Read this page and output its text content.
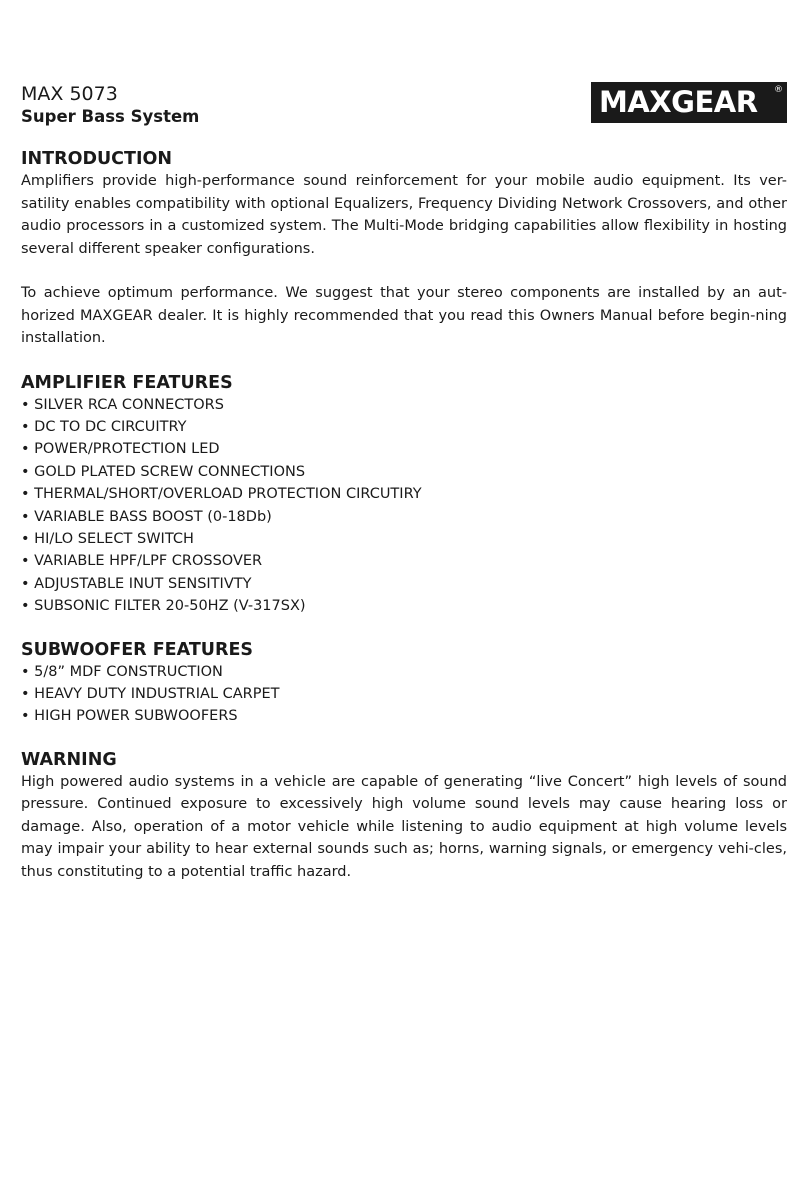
MAXGEAR ®
MAX 5073
Super Bass System
INTRODUCTION

Amplifiers provide high-performance sound reinforcement for your mobile audio equipment. Its ver-satility enables compatibility with optional Equalizers, Frequency Dividing Network Crossovers, and other audio processors in a customized system. The Multi-Mode bridging capabilities allow flexibility in hosting several different speaker configurations.

To achieve optimum performance. We suggest that your stereo components are installed by an aut-horized MAXGEAR dealer. It is highly recommended that you read this Owners Manual before begin-ning installation.

AMPLIFIER FEATURES
• SILVER RCA CONNECTORS
• DC TO DC CIRCUITRY
• POWER/PROTECTION LED
• GOLD PLATED SCREW CONNECTIONS
• THERMAL/SHORT/OVERLOAD PROTECTION CIRCUTIRY
• VARIABLE BASS BOOST (0-18Db)
• HI/LO SELECT SWITCH
• VARIABLE HPF/LPF CROSSOVER
• ADJUSTABLE INUT SENSITIVTY
• SUBSONIC FILTER 20-50HZ (V-317SX)
SUBWOOFER FEATURES
• 5/8” MDF CONSTRUCTION
• HEAVY DUTY INDUSTRIAL CARPET
• HIGH POWER SUBWOOFERS
WARNING

High powered audio systems in a vehicle are capable of generating “live Concert” high levels of sound pressure. Continued exposure to excessively high volume sound levels may cause hearing loss or damage. Also, operation of a motor vehicle while listening to audio equipment at high volume levels may impair your ability to hear external sounds such as; horns, warning signals, or emergency vehi-cles, thus constituting to a potential traffic hazard.
